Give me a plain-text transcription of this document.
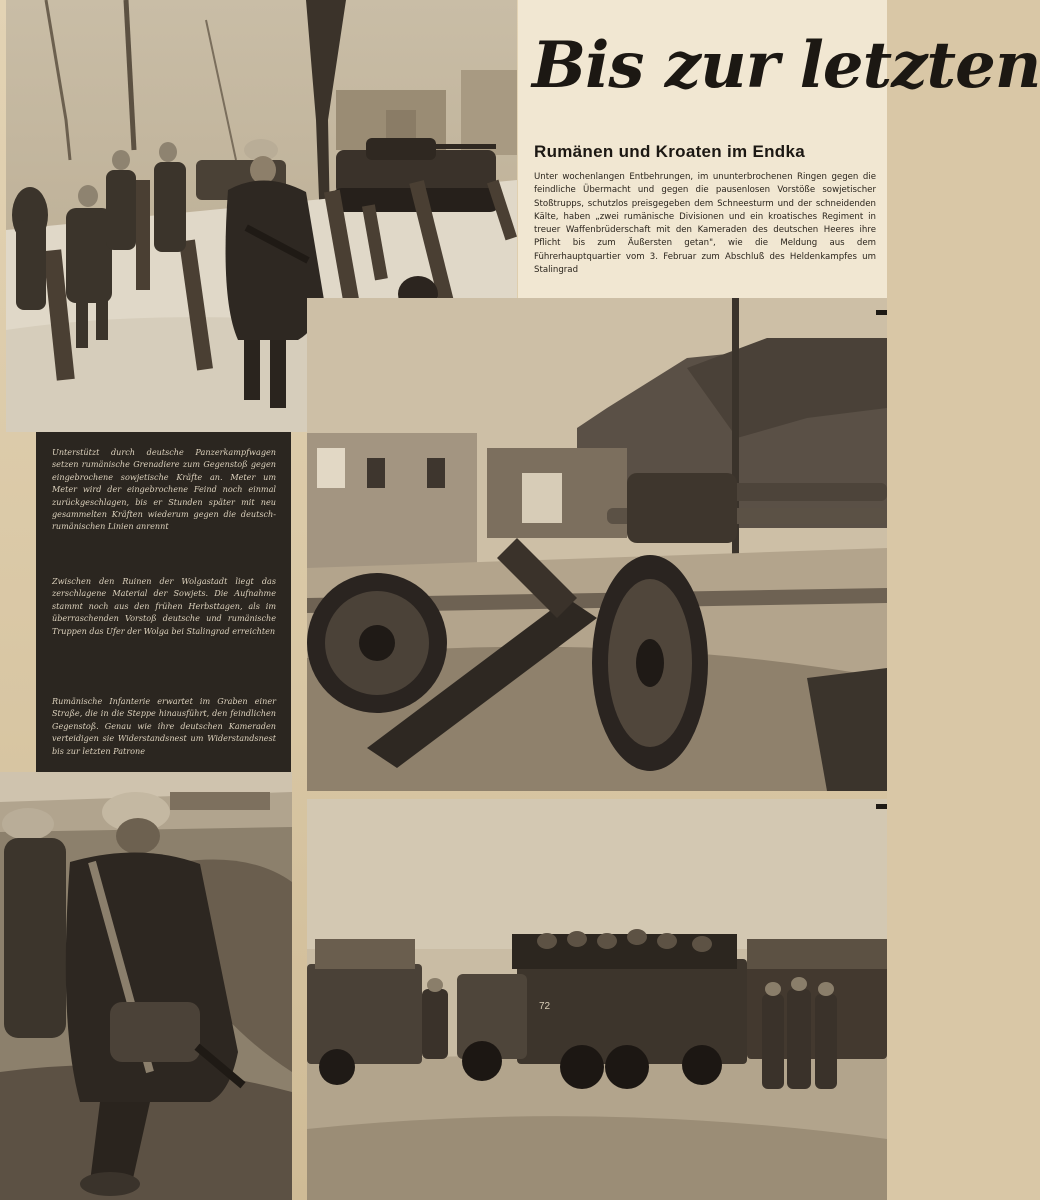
Bis zur letzten
Rumänen und Kroaten im Endka
Unter wochenlangen Entbehrungen, im ununterbrochenen Ringen gegen die feindliche Übermacht und gegen die pausenlosen Vorstöße sowjetischer Stoßtrupps, schutzlos preisgegeben dem Schneesturm und der schneidenden Kälte, haben „zwei rumänische Divisionen und ein kroatisches Regiment in treuer Waffenbrüderschaft mit den Kameraden des deutschen Heeres ihre Pflicht bis zum Äußersten getan", wie die Meldung aus dem Führerhauptquartier vom 3. Februar zum Abschluß des Heldenkampfes um Stalingrad
72
Unterstützt durch deutsche Panzerkampfwagen setzen rumänische Grenadiere zum Gegenstoß gegen eingebrochene sowjetische Kräfte an. Meter um Meter wird der eingebrochene Feind noch einmal zurückgeschlagen, bis er Stunden später mit neu gesammelten Kräften wiederum gegen die deutsch-rumänischen Linien anrennt
Zwischen den Ruinen der Wolgastadt liegt das zerschlagene Material der Sowjets. Die Aufnahme stammt noch aus den frühen Herbsttagen, als im überraschenden Vorstoß deutsche und rumänische Truppen das Ufer der Wolga bei Stalingrad erreichten
Rumänische Infanterie erwartet im Graben einer Straße, die in die Steppe hinausführt, den feindlichen Gegenstoß. Genau wie ihre deutschen Kameraden verteidigen sie Widerstandsnest um Widerstandsnest bis zur letzten Patrone
